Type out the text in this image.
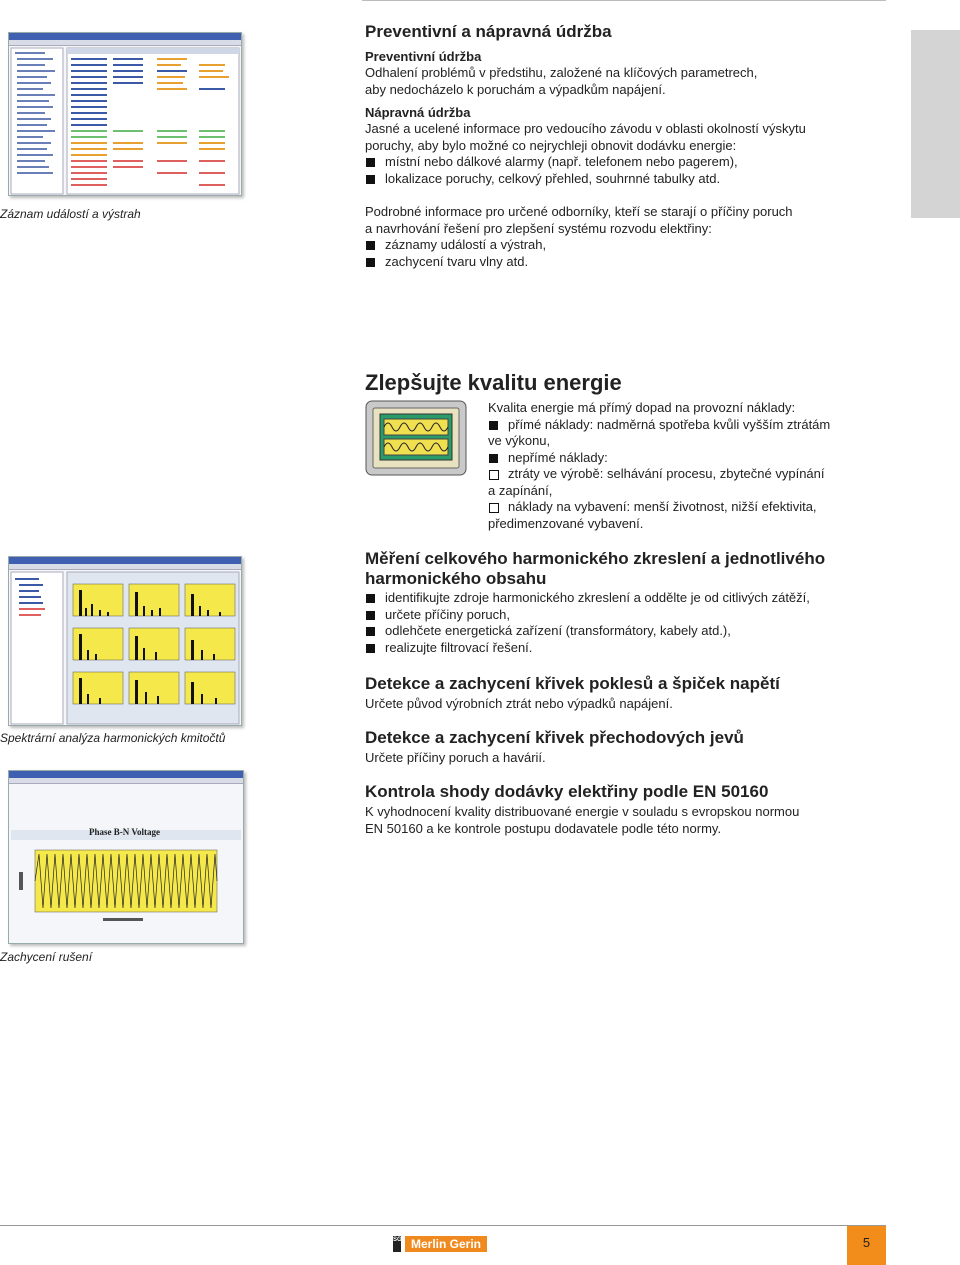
Záznam událostí a výstrah
Preventivní a nápravná údržba
Preventivní údržba
Odhalení problémů v předstihu, založené na klíčových parametrech,
aby nedocházelo k poruchám a výpadkům napájení.
Nápravná údržba
Jasné a ucelené informace pro vedoucího závodu v oblasti okolností výskytu
poruchy, aby bylo možné co nejrychleji obnovit dodávku energie:
místní nebo dálkové alarmy (např. telefonem nebo pagerem),
lokalizace poruchy, celkový přehled, souhrnné tabulky atd.
Podrobné informace pro určené odborníky, kteří se starají o příčiny poruch
a navrhování řešení pro zlepšení systému rozvodu elektřiny:
záznamy událostí a výstrah,
zachycení tvaru vlny atd.
Zlepšujte kvalitu energie
Kvalita energie má přímý dopad na provozní náklady:
přímé náklady: nadměrná spotřeba kvůli vyšším ztrátám
ve výkonu,
nepřímé náklady:
ztráty ve výrobě: selhávání procesu, zbytečné vypínání
a zapínání,
náklady na vybavení: menší životnost, nižší efektivita,
předimenzované vybavení.
Spektrární analýza harmonických kmitočtů
Měření celkového harmonického zkreslení a jednotlivého
harmonického obsahu
identifikujte zdroje harmonického zkreslení a oddělte je od citlivých zátěží,
určete příčiny poruch,
odlehčete energetická zařízení (transformátory, kabely atd.),
realizujte filtrovací řešení.
Detekce a zachycení křivek poklesů a špiček napětí
Určete původ výrobních ztrát nebo výpadků napájení.
Detekce a zachycení křivek přechodových jevů
Určete příčiny poruch a havárií.
Kontrola shody dodávky elektřiny podle EN 50160
K vyhodnocení kvality distribuované energie v souladu s evropskou normou
EN 50160 a ke kontrole postupu dodavatele podle této normy.
Phase B-N Voltage
Zachycení rušení
SG Merlin Gerin	5
